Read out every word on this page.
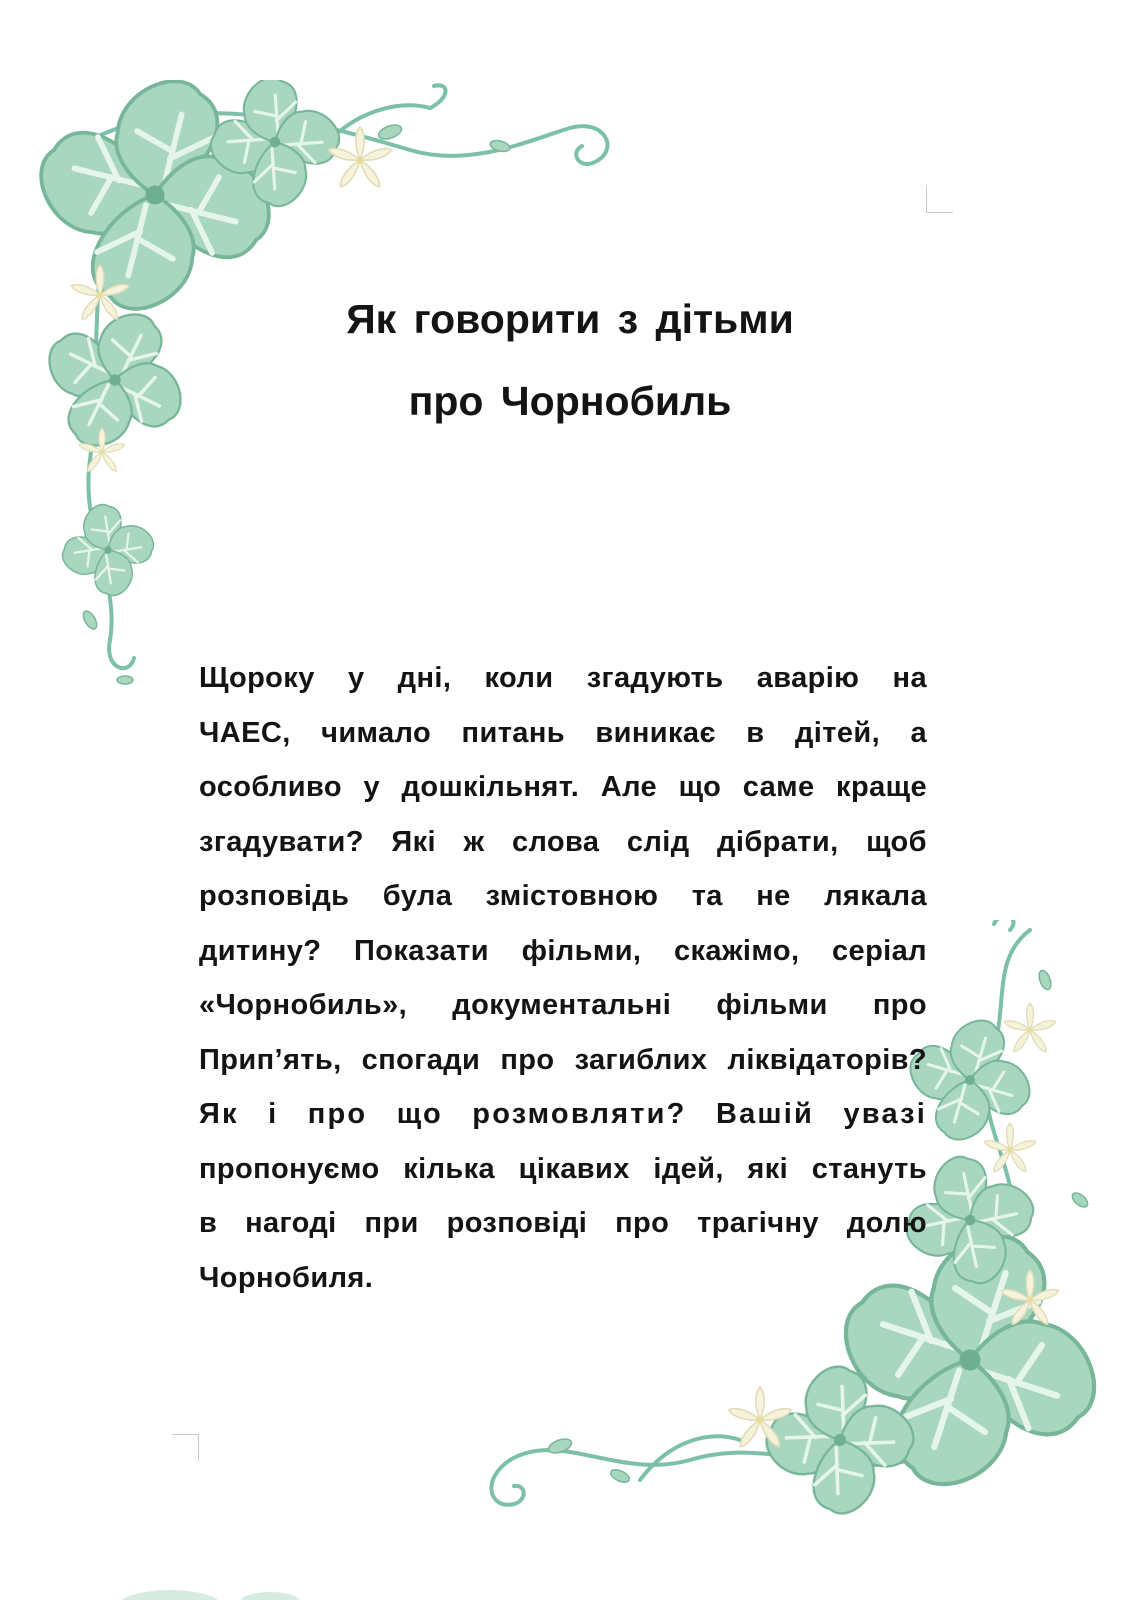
Як говорити з дітьми
про Чорнобиль
Щороку у дні, коли згадують аварію на
ЧАЕС, чимало питань виникає в дітей, а
особливо у дошкільнят. Але що саме краще
згадувати? Які ж слова слід дібрати, щоб
розповідь була змістовною та не лякала
дитину? Показати фільми, скажімо, серіал
«Чорнобиль», документальні фільми про
Прип’ять, спогади про загиблих ліквідаторів?
Як і про що розмовляти? Вашій увазі
пропонуємо кілька цікавих ідей, які стануть
в нагоді при розповіді про трагічну долю
Чорнобиля.
